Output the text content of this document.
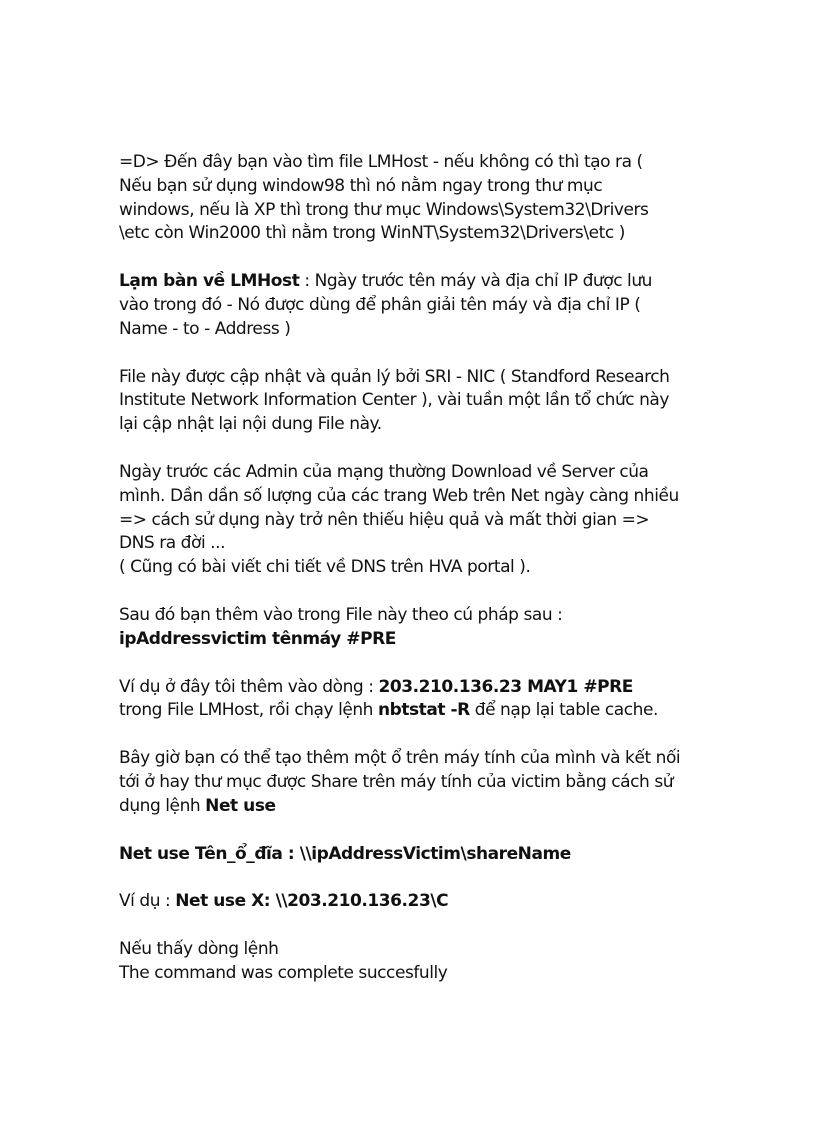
=D> Đến đây bạn vào tìm file LMHost - nếu không có thì tạo ra (
Nếu bạn sử dụng window98 thì nó nằm ngay trong thư mục
windows, nếu là XP thì trong thư mục Windows\System32\Drivers
\etc còn Win2000 thì nằm trong WinNT\System32\Drivers\etc )

Lạm bàn về LMHost : Ngày trước tên máy và địa chỉ IP được lưu
vào trong đó - Nó được dùng để phân giải tên máy và địa chỉ IP (
Name - to - Address )

File này được cập nhật và quản lý bởi SRI - NIC ( Standford Research
Institute Network Information Center ), vài tuần một lần tổ chức này
lại cập nhật lại nội dung File này.

Ngày trước các Admin của mạng thường Download về Server của
mình. Dần dần số lượng của các trang Web trên Net ngày càng nhiều
=> cách sử dụng này trở nên thiếu hiệu quả và mất thời gian =>
DNS ra đời ...
( Cũng có bài viết chi tiết về DNS trên HVA portal ).

Sau đó bạn thêm vào trong File này theo cú pháp sau :
ipAddressvictim tênmáy #PRE

Ví dụ ở đây tôi thêm vào dòng : 203.210.136.23 MAY1 #PRE
trong File LMHost, rồi chạy lệnh nbtstat -R để nạp lại table cache.

Bây giờ bạn có thể tạo thêm một ổ trên máy tính của mình và kết nối
tới ở hay thư mục được Share trên máy tính của victim bằng cách sử
dụng lệnh Net use

Net use Tên_ổ_đĩa : \\ipAddressVictim\shareName

Ví dụ : Net use X: \\203.210.136.23\C

Nếu thấy dòng lệnh
The command was complete succesfully
